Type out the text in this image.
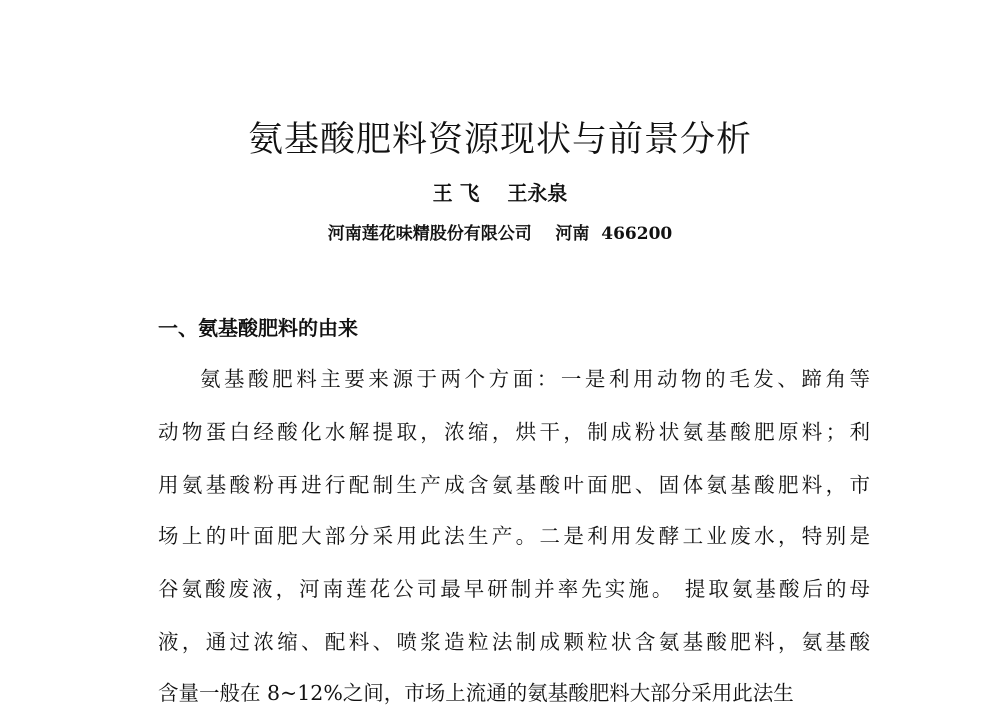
氨基酸肥料资源现状与前景分析
王 飞    王永泉
河南莲花味精股份有限公司    河南  466200
一、氨基酸肥料的由来
氨基酸肥料主要来源于两个方面：一是利用动物的毛发、蹄角等
动物蛋白经酸化水解提取，浓缩，烘干，制成粉状氨基酸肥原料；利
用氨基酸粉再进行配制生产成含氨基酸叶面肥、固体氨基酸肥料，市
场上的叶面肥大部分采用此法生产。二是利用发酵工业废水，特别是
谷氨酸废液，河南莲花公司最早研制并率先实施。 提取氨基酸后的母
液，通过浓缩、配料、喷浆造粒法制成颗粒状含氨基酸肥料，氨基酸
含量一般在 8~12%之间，市场上流通的氨基酸肥料大部分采用此法生
